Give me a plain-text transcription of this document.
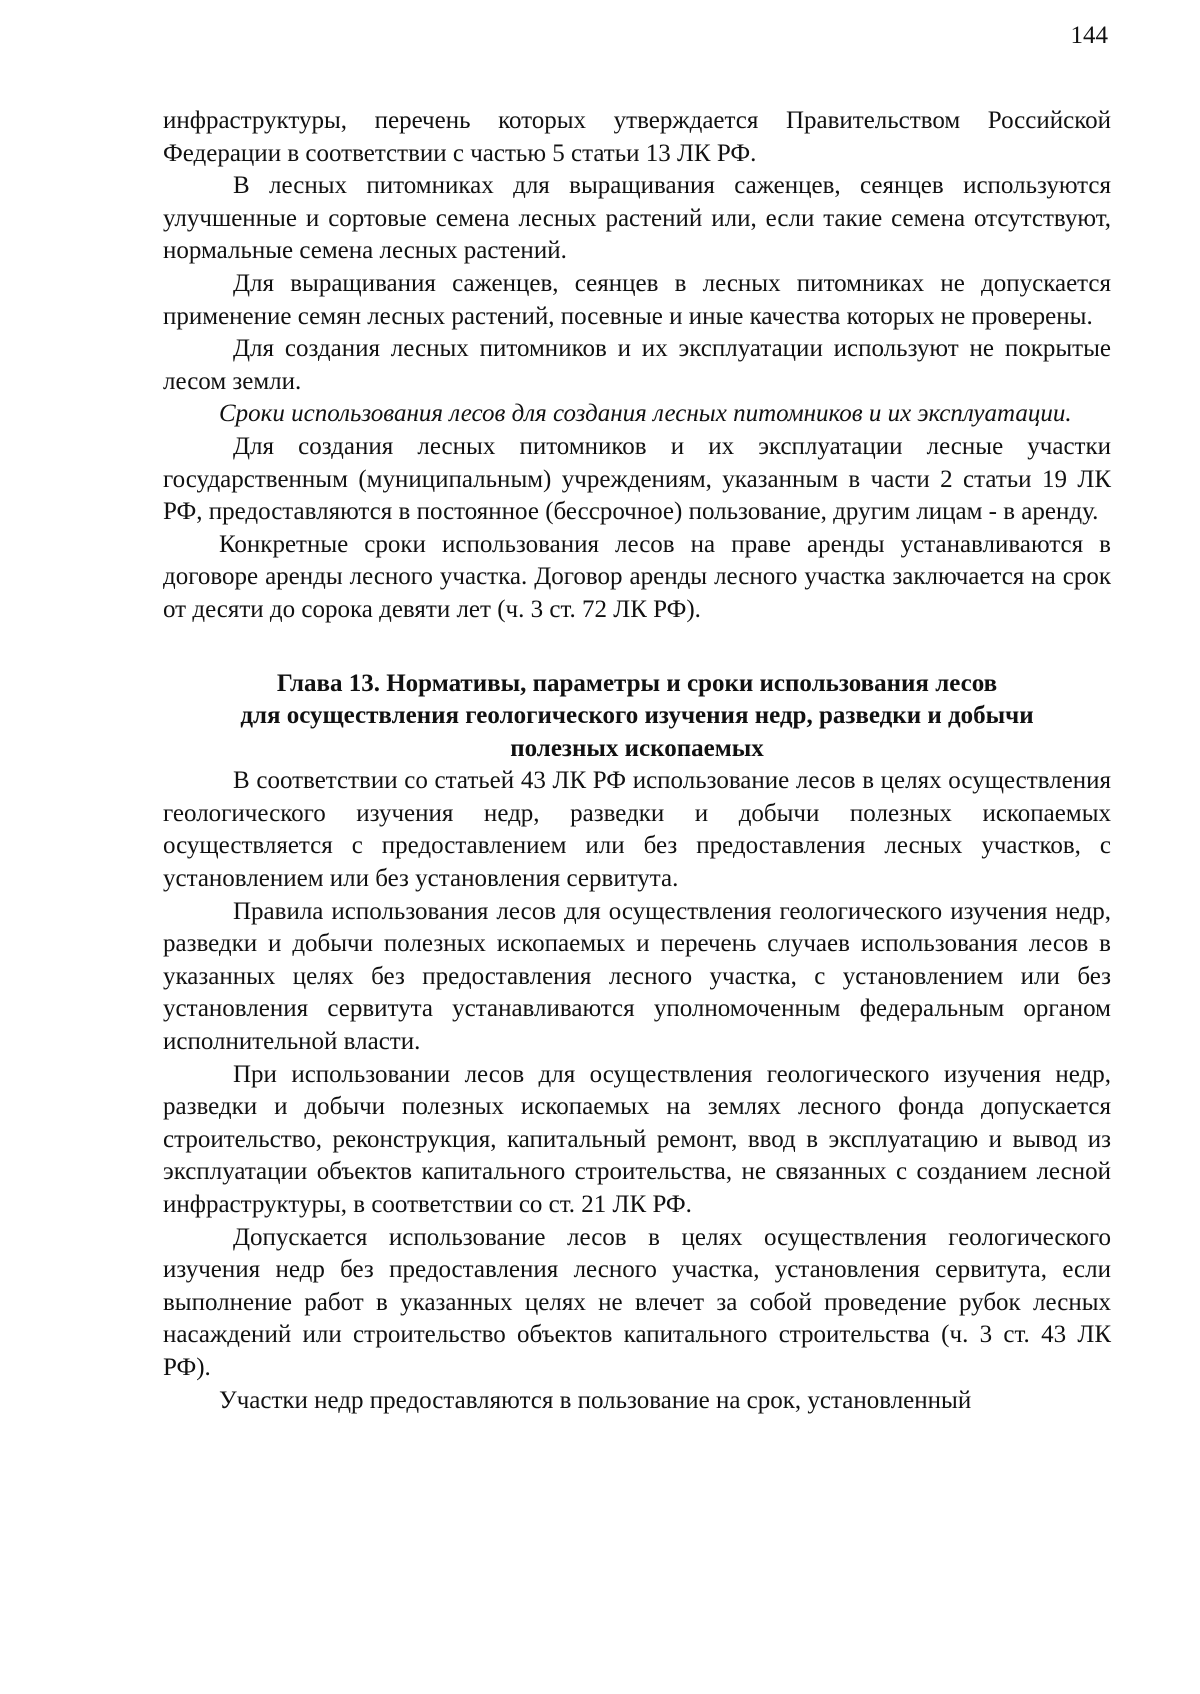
144

инфраструктуры, перечень которых утверждается Правительством Российской Федерации в соответствии с частью 5 статьи 13 ЛК РФ.

В лесных питомниках для выращивания саженцев, сеянцев используются улучшенные и сортовые семена лесных растений или, если такие семена отсутствуют, нормальные семена лесных растений.

Для выращивания саженцев, сеянцев в лесных питомниках не допускается применение семян лесных растений, посевные и иные качества которых не проверены.

Для создания лесных питомников и их эксплуатации используют не покрытые лесом земли.

Сроки использования лесов для создания лесных питомников и их эксплуатации.

Для создания лесных питомников и их эксплуатации лесные участки государственным (муниципальным) учреждениям, указанным в части 2 статьи 19 ЛК РФ, предоставляются в постоянное (бессрочное) пользование, другим лицам - в аренду.

Конкретные сроки использования лесов на праве аренды устанавливаются в договоре аренды лесного участка. Договор аренды лесного участка заключается на срок от десяти до сорока девяти лет (ч. 3 ст. 72 ЛК РФ).

Глава 13. Нормативы, параметры и сроки использования лесов
для осуществления геологического изучения недр, разведки и добычи
полезных ископаемых

В соответствии со статьей 43 ЛК РФ использование лесов в целях осуществления геологического изучения недр, разведки и добычи полезных ископаемых осуществляется с предоставлением или без предоставления лесных участков, с установлением или без установления сервитута.

Правила использования лесов для осуществления геологического изучения недр, разведки и добычи полезных ископаемых и перечень случаев использования лесов в указанных целях без предоставления лесного участка, с установлением или без установления сервитута устанавливаются уполномоченным федеральным органом исполнительной власти.

При использовании лесов для осуществления геологического изучения недр, разведки и добычи полезных ископаемых на землях лесного фонда допускается строительство, реконструкция, капитальный ремонт, ввод в эксплуатацию и вывод из эксплуатации объектов капитального строительства, не связанных с созданием лесной инфраструктуры, в соответствии со ст. 21 ЛК РФ.

Допускается использование лесов в целях осуществления геологического изучения недр без предоставления лесного участка, установления сервитута, если выполнение работ в указанных целях не влечет за собой проведение рубок лесных насаждений или строительство объектов капитального строительства (ч. 3 ст. 43 ЛК РФ).

Участки недр предоставляются в пользование на срок, установленный
